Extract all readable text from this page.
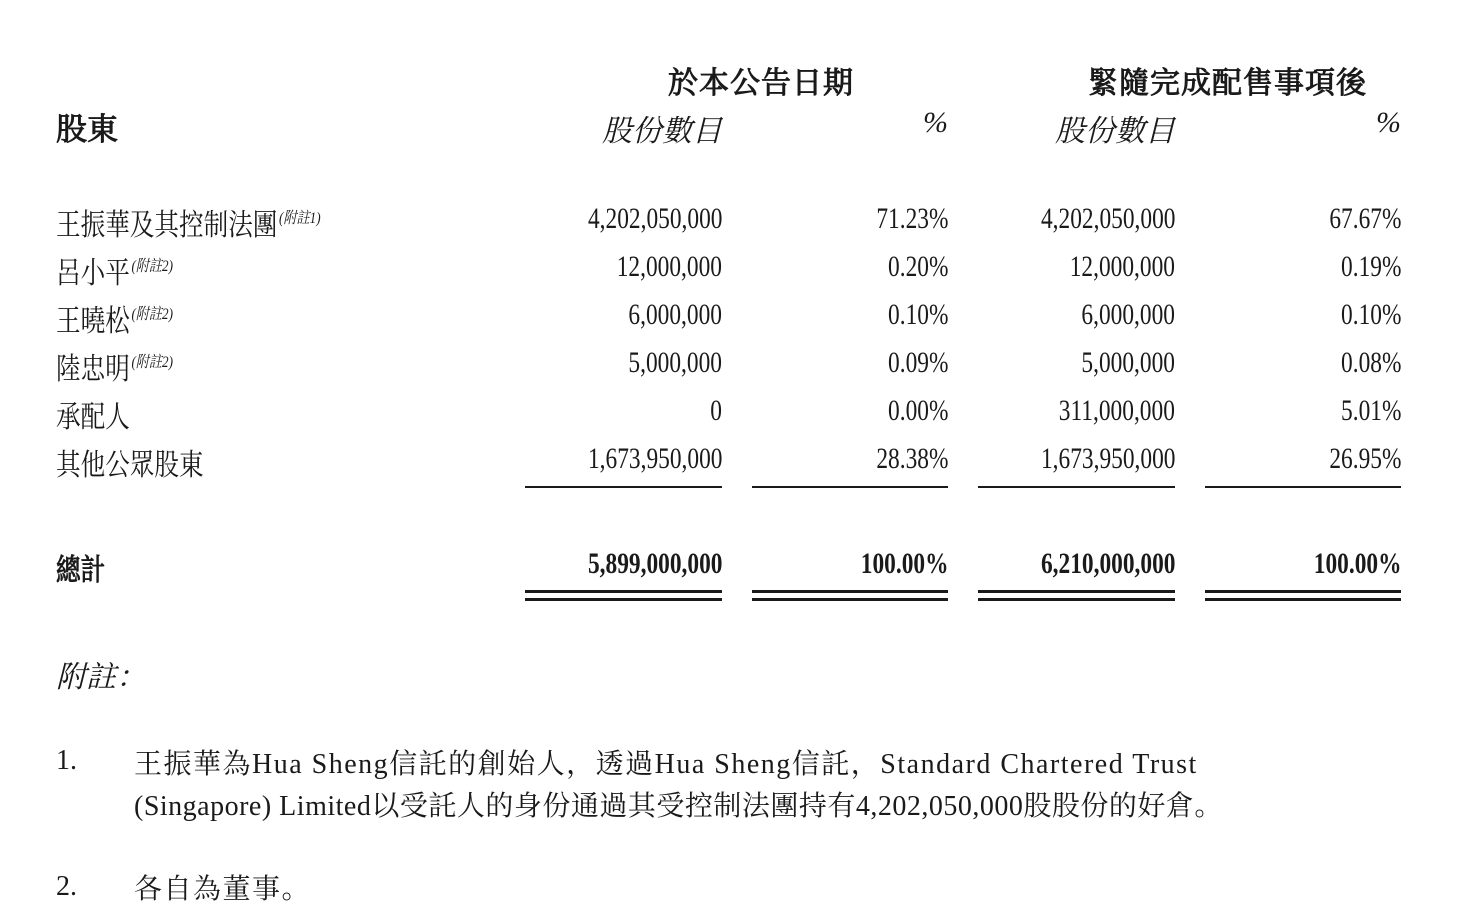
於本公告日期	緊隨完成配售事項後
股東	股份數目	%	股份數目	%
王振華及其控制法團 $^{(附註1)}$	4,202,050,000	71.23%	4,202,050,000	67.67%
呂小平 $^{(附註2)}$	12,000,000	0.20%	12,000,000	0.19%
王曉松 $^{(附註2)}$	6,000,000	0.10%	6,000,000	0.10%
陸忠明 $^{(附註2)}$	5,000,000	0.09%	5,000,000	0.08%
承配人	0	0.00%	311,000,000	5.01%
其他公眾股東	1,673,950,000	28.38%	1,673,950,000	26.95%
總計	5,899,000,000	100.00%	6,210,000,000	100.00%
附註：
1. 王振華為Hua Sheng信託的創始人，透過Hua Sheng信託，Standard Chartered Trust
(Singapore) Limited以受託人的身份通過其受控制法團持有4,202,050,000股股份的好倉。
2. 各自為董事。
